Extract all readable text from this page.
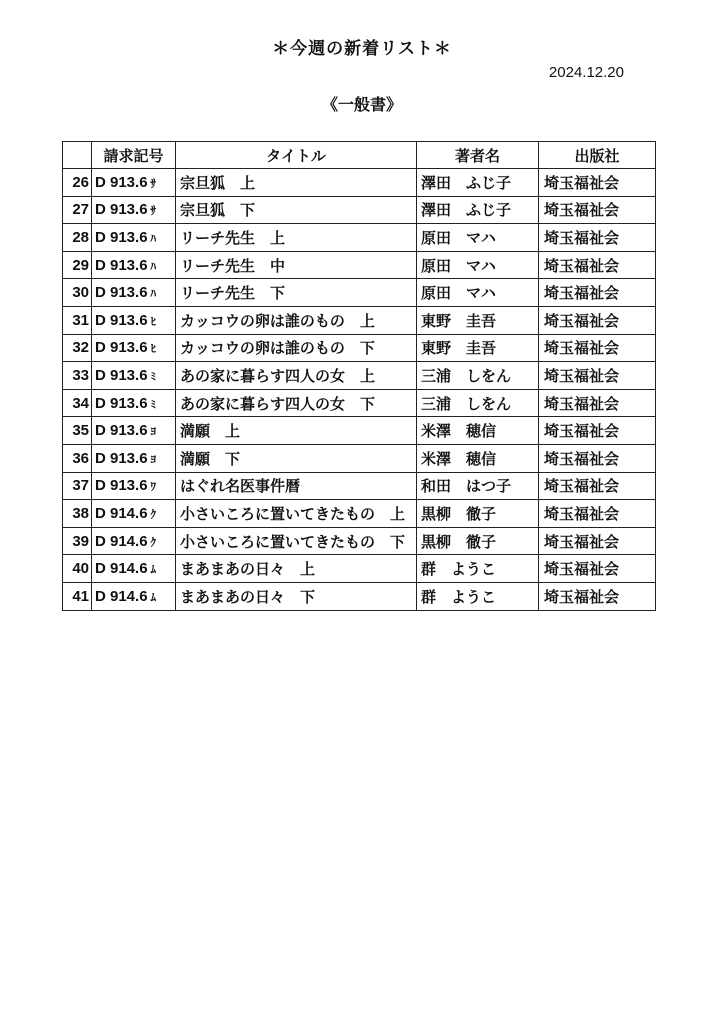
＊今週の新着リスト＊
2024.12.20
《一般書》
	請求記号	タイトル	著者名	出版社
26	D 913.6 ｻ	宗旦狐　上	澤田　ふじ子	埼玉福祉会
27	D 913.6 ｻ	宗旦狐　下	澤田　ふじ子	埼玉福祉会
28	D 913.6 ﾊ	リーチ先生　上	原田　マハ	埼玉福祉会
29	D 913.6 ﾊ	リーチ先生　中	原田　マハ	埼玉福祉会
30	D 913.6 ﾊ	リーチ先生　下	原田　マハ	埼玉福祉会
31	D 913.6 ﾋ	カッコウの卵は誰のもの　上	東野　圭吾	埼玉福祉会
32	D 913.6 ﾋ	カッコウの卵は誰のもの　下	東野　圭吾	埼玉福祉会
33	D 913.6 ﾐ	あの家に暮らす四人の女　上	三浦　しをん	埼玉福祉会
34	D 913.6 ﾐ	あの家に暮らす四人の女　下	三浦　しをん	埼玉福祉会
35	D 913.6 ﾖ	満願　上	米澤　穂信	埼玉福祉会
36	D 913.6 ﾖ	満願　下	米澤　穂信	埼玉福祉会
37	D 913.6 ﾜ	はぐれ名医事件暦	和田　はつ子	埼玉福祉会
38	D 914.6 ｸ	小さいころに置いてきたもの　上	黒柳　徹子	埼玉福祉会
39	D 914.6 ｸ	小さいころに置いてきたもの　下	黒柳　徹子	埼玉福祉会
40	D 914.6 ﾑ	まあまあの日々　上	群　ようこ	埼玉福祉会
41	D 914.6 ﾑ	まあまあの日々　下	群　ようこ	埼玉福祉会
